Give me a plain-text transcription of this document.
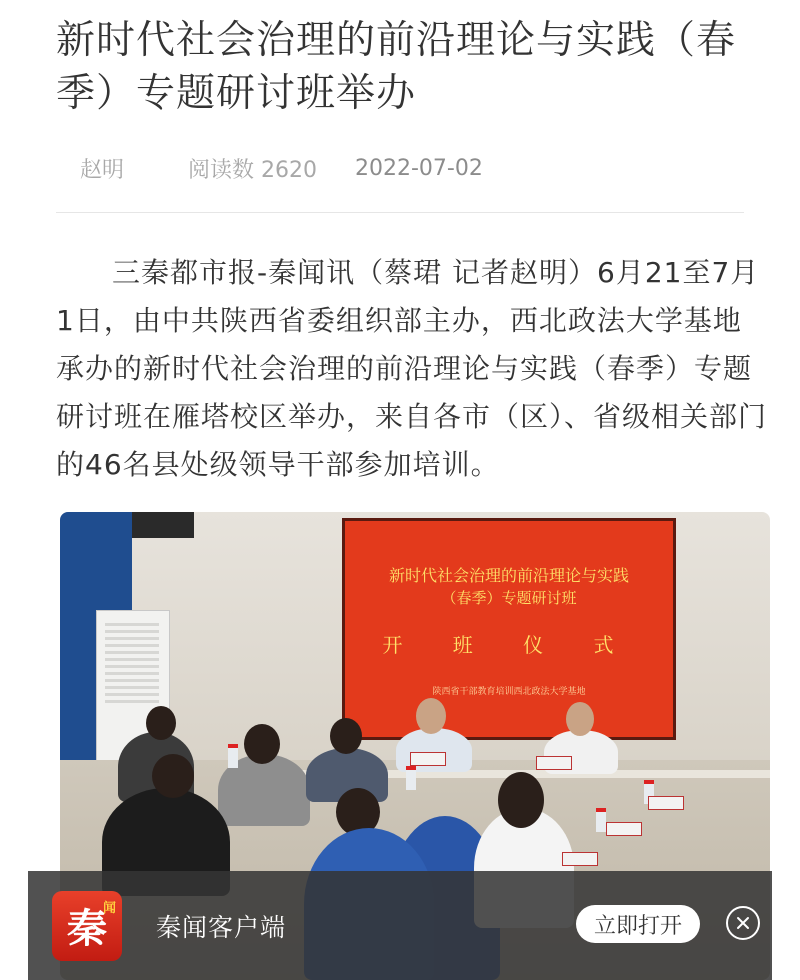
新时代社会治理的前沿理论与实践（春季）专题研讨班举办
赵明	阅读数 2620 2022-07-02

三秦都市报-秦闻讯（蔡珺 记者赵明）6月21至7月1日，由中共陕西省委组织部主办，西北政法大学基地承办的新时代社会治理的前沿理论与实践（春季）专题研讨班在雁塔校区举办，来自各市（区）、省级相关部门的46名县处级领导干部参加培训。

新时代社会治理的前沿理论与实践
（春季）专题研讨班
开 班 仪 式
陕西省干部教育培训西北政法大学基地
秦
闻
秦闻客户端	立即打开
